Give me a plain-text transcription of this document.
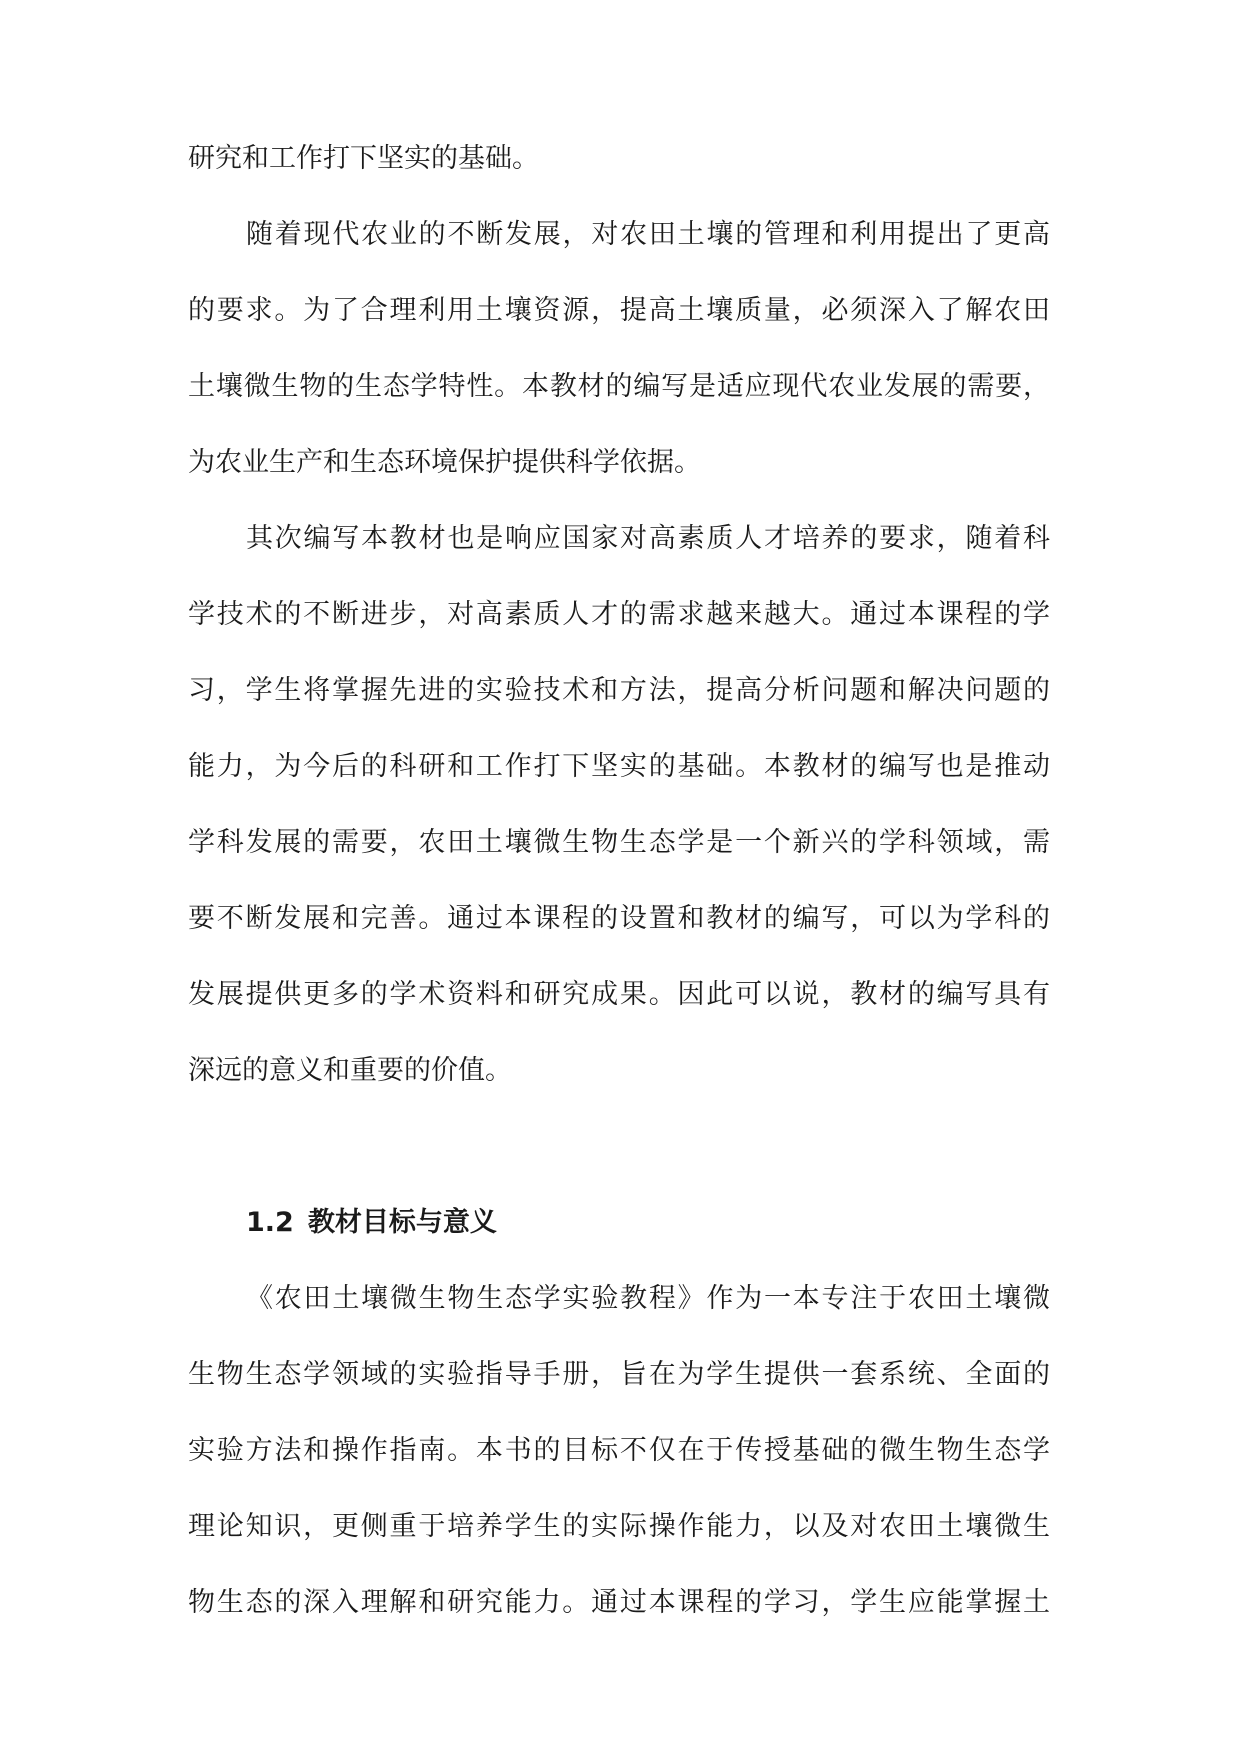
研究和工作打下坚实的基础。

随着现代农业的不断发展，对农田土壤的管理和利用提出了更高

的要求。为了合理利用土壤资源，提高土壤质量，必须深入了解农田

土壤微生物的生态学特性。本教材的编写是适应现代农业发展的需要，

为农业生产和生态环境保护提供科学依据。

其次编写本教材也是响应国家对高素质人才培养的要求，随着科

学技术的不断进步，对高素质人才的需求越来越大。通过本课程的学

习，学生将掌握先进的实验技术和方法，提高分析问题和解决问题的

能力，为今后的科研和工作打下坚实的基础。本教材的编写也是推动

学科发展的需要，农田土壤微生物生态学是一个新兴的学科领域，需

要不断发展和完善。通过本课程的设置和教材的编写，可以为学科的

发展提供更多的学术资料和研究成果。因此可以说，教材的编写具有

深远的意义和重要的价值。

1.2 教材目标与意义

《农田土壤微生物生态学实验教程》作为一本专注于农田土壤微

生物生态学领域的实验指导手册，旨在为学生提供一套系统、全面的

实验方法和操作指南。本书的目标不仅在于传授基础的微生物生态学

理论知识，更侧重于培养学生的实际操作能力，以及对农田土壤微生

物生态的深入理解和研究能力。通过本课程的学习，学生应能掌握土
